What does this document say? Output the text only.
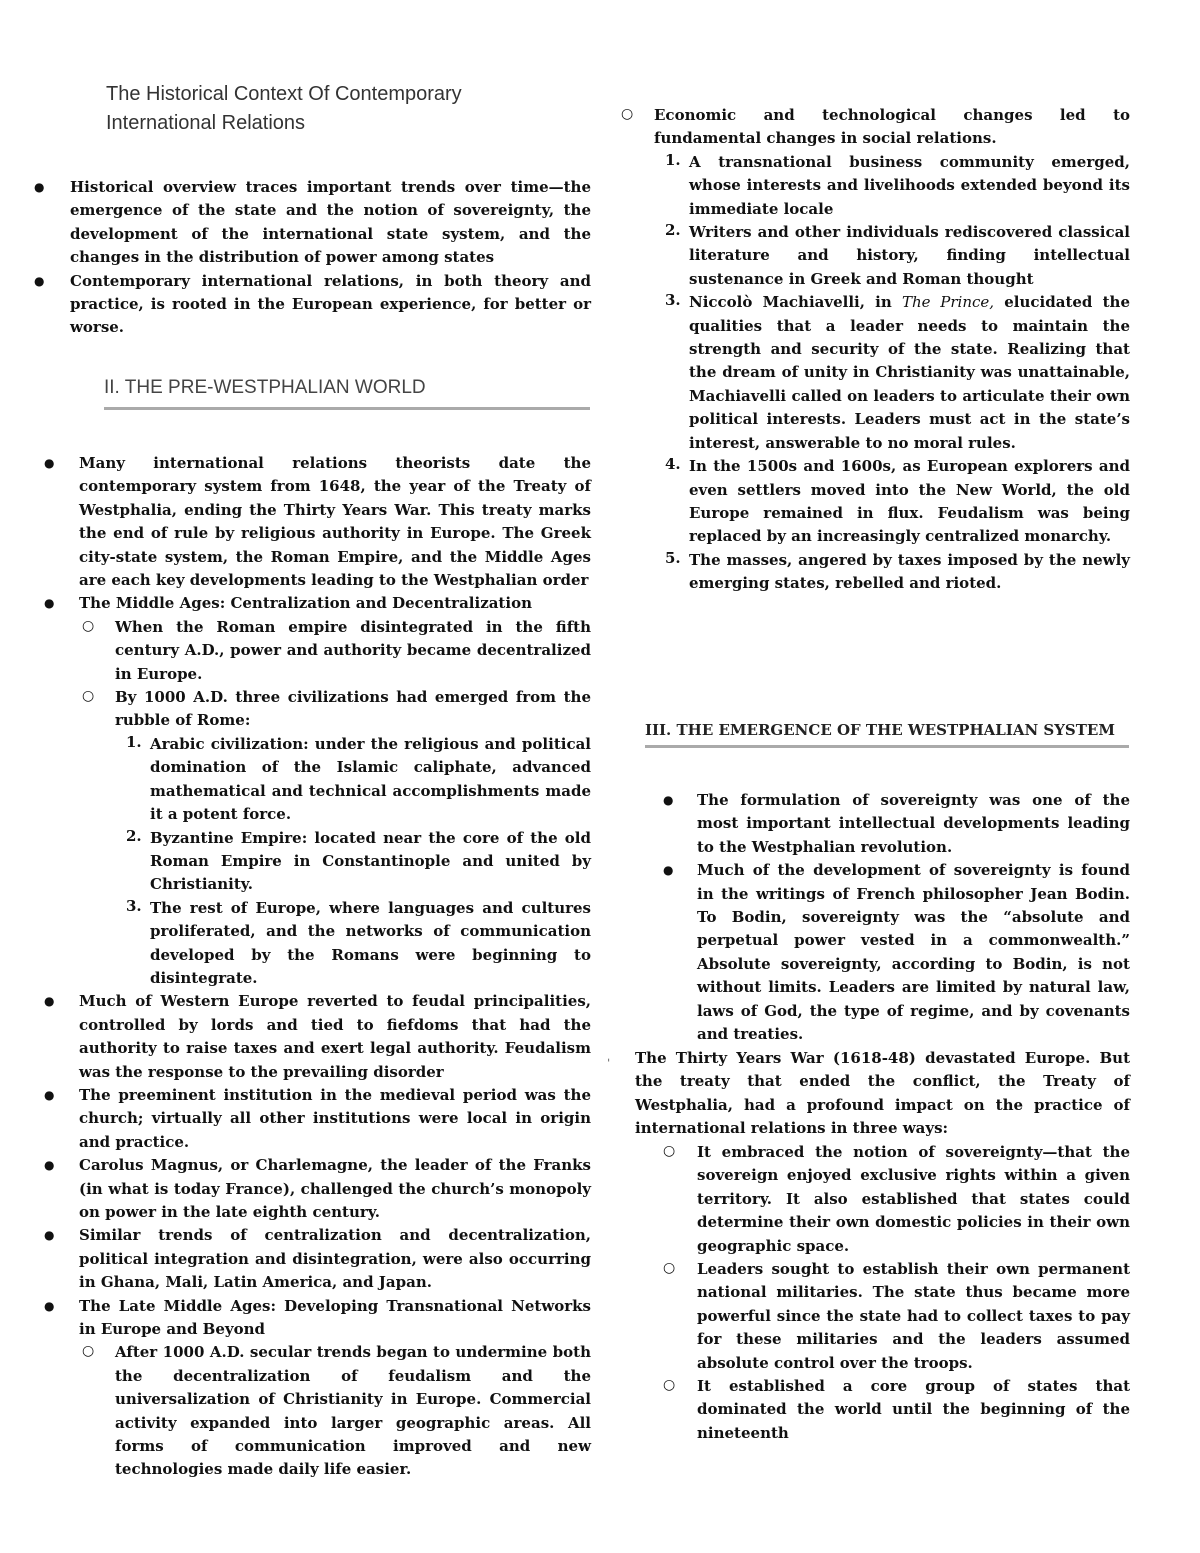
The Historical Context Of Contemporary
International Relations
● Historical overview traces important trends over time—the emergence of the state and the notion of sovereignty, the development of the international state system, and the changes in the distribution of power among states

● Contemporary international relations, in both theory and practice, is rooted in the European experience, for better or worse.

II. THE PRE-WESTPHALIAN WORLD
● Many international relations theorists date the contemporary system from 1648, the year of the Treaty of Westphalia, ending the Thirty Years War. This treaty marks the end of rule by religious authority in Europe. The Greek city-state system, the Roman Empire, and the Middle Ages are each key developments leading to the Westphalian order

● The Middle Ages: Centralization and Decentralization

○ When the Roman empire disintegrated in the fifth century A.D., power and authority became decentralized in Europe.

○ By 1000 A.D. three civilizations had emerged from the rubble of Rome:

1. Arabic civilization: under the religious and political domination of the Islamic caliphate, advanced mathematical and technical accomplishments made it a potent force.

2. Byzantine Empire: located near the core of the old Roman Empire in Constantinople and united by Christianity.

3. The rest of Europe, where languages and cultures proliferated, and the networks of communication developed by the Romans were beginning to disintegrate.

● Much of Western Europe reverted to feudal principalities, controlled by lords and tied to fiefdoms that had the authority to raise taxes and exert legal authority. Feudalism was the response to the prevailing disorder

● The preeminent institution in the medieval period was the church; virtually all other institutions were local in origin and practice.

● Carolus Magnus, or Charlemagne, the leader of the Franks (in what is today France), challenged the church’s monopoly on power in the late eighth century.

● Similar trends of centralization and decentralization, political integration and disintegration, were also occurring in Ghana, Mali, Latin America, and Japan.

● The Late Middle Ages: Developing Transnational Networks in Europe and Beyond

○ After 1000 A.D. secular trends began to undermine both the decentralization of feudalism and the universalization of Christianity in Europe. Commercial activity expanded into larger geographic areas. All forms of communication improved and new technologies made daily life easier.

○ Economic and technological changes led to fundamental changes in social relations.

1. A transnational business community emerged, whose interests and livelihoods extended beyond its immediate locale

2. Writers and other individuals rediscovered classical literature and history, finding intellectual sustenance in Greek and Roman thought

3. Niccolò Machiavelli, in The Prince, elucidated the qualities that a leader needs to maintain the strength and security of the state. Realizing that the dream of unity in Christianity was unattainable, Machiavelli called on leaders to articulate their own political interests. Leaders must act in the state’s interest, answerable to no moral rules.

4. In the 1500s and 1600s, as European explorers and even settlers moved into the New World, the old Europe remained in flux. Feudalism was being replaced by an increasingly centralized monarchy.

5. The masses, angered by taxes imposed by the newly emerging states, rebelled and rioted.

III. THE EMERGENCE OF THE WESTPHALIAN SYSTEM
● The formulation of sovereignty was one of the most important intellectual developments leading to the Westphalian revolution.

● Much of the development of sovereignty is found in the writings of French philosopher Jean Bodin. To Bodin, sovereignty was the “absolute and perpetual power vested in a commonwealth.” Absolute sovereignty, according to Bodin, is not without limits. Leaders are limited by natural law, laws of God, the type of regime, and by covenants and treaties.

ˌ The Thirty Years War (1618-48) devastated Europe. But the treaty that ended the conflict, the Treaty of Westphalia, had a profound impact on the practice of international relations in three ways:

○ It embraced the notion of sovereignty—that the sovereign enjoyed exclusive rights within a given territory. It also established that states could determine their own domestic policies in their own geographic space.

○ Leaders sought to establish their own permanent national militaries. The state thus became more powerful since the state had to collect taxes to pay for these militaries and the leaders assumed absolute control over the troops.

○ It established a core group of states that dominated the world until the beginning of the nineteenth
